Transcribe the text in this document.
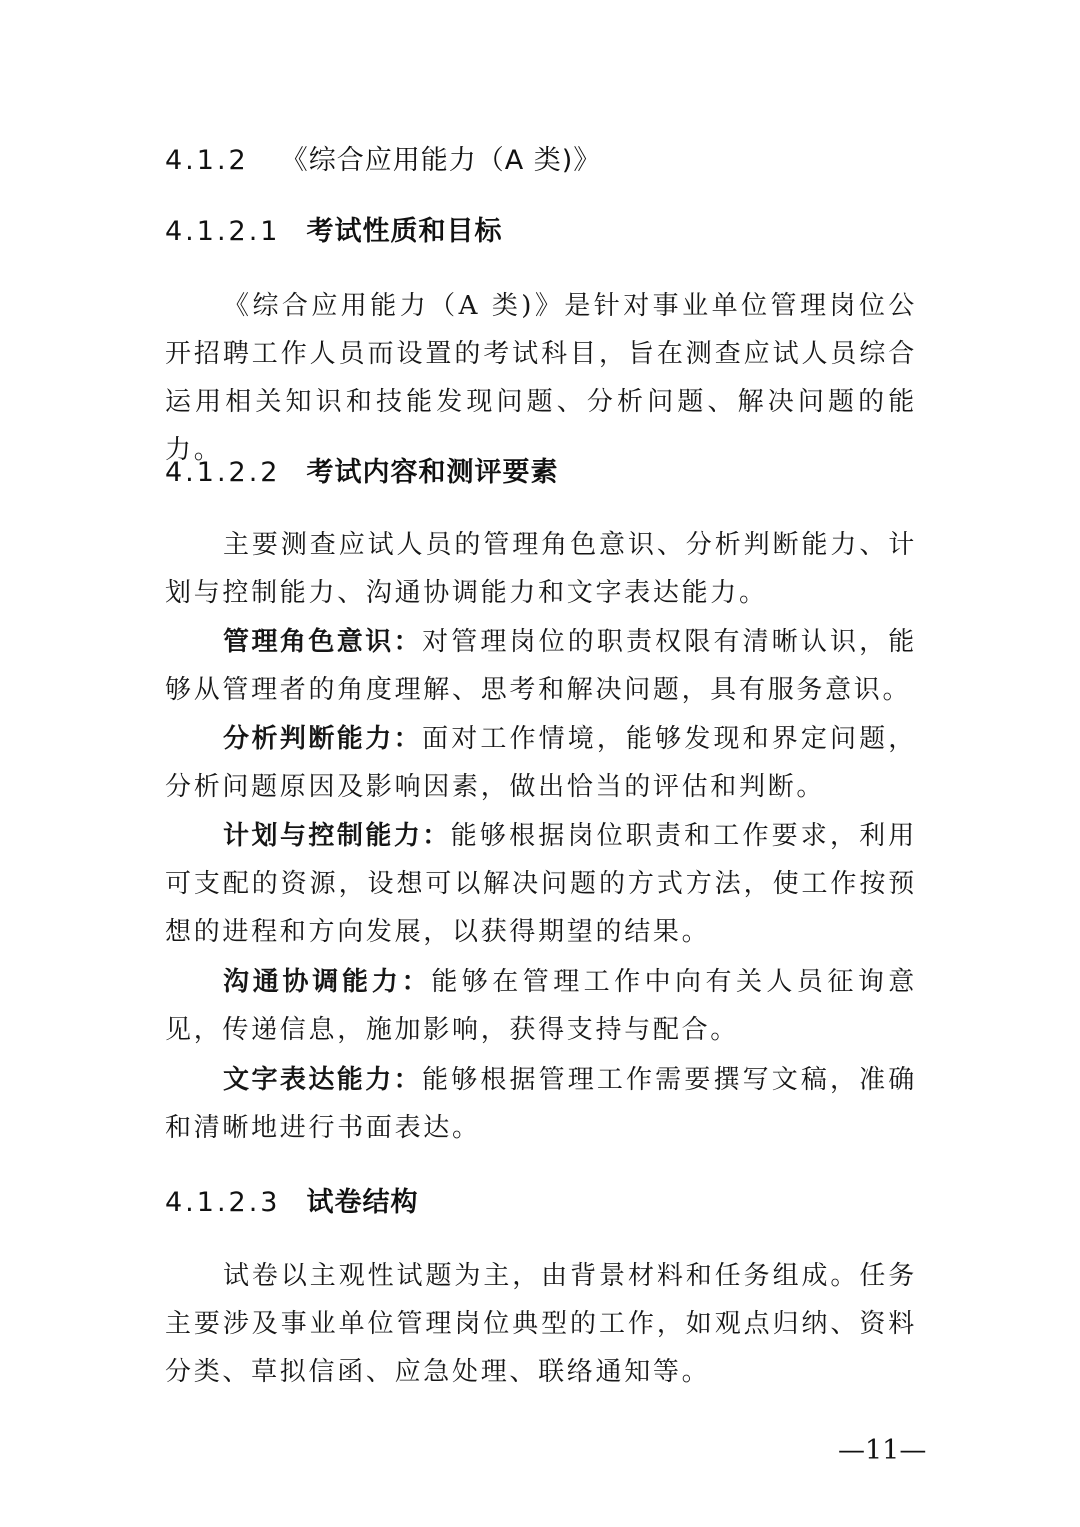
4.1.2 《综合应用能力（A 类)》
4.1.2.1 考试性质和目标

《综合应用能力（A 类)》是针对事业单位管理岗位公开招聘工作人员而设置的考试科目，旨在测查应试人员综合运用相关知识和技能发现问题、分析问题、解决问题的能力。

4.1.2.2 考试内容和测评要素

主要测查应试人员的管理角色意识、分析判断能力、计划与控制能力、沟通协调能力和文字表达能力。

管理角色意识：对管理岗位的职责权限有清晰认识，能够从管理者的角度理解、思考和解决问题，具有服务意识。

分析判断能力：面对工作情境，能够发现和界定问题，分析问题原因及影响因素，做出恰当的评估和判断。

计划与控制能力：能够根据岗位职责和工作要求，利用可支配的资源，设想可以解决问题的方式方法，使工作按预想的进程和方向发展，以获得期望的结果。

沟通协调能力：能够在管理工作中向有关人员征询意见，传递信息，施加影响，获得支持与配合。

文字表达能力：能够根据管理工作需要撰写文稿，准确和清晰地进行书面表达。

4.1.2.3 试卷结构

试卷以主观性试题为主，由背景材料和任务组成。任务主要涉及事业单位管理岗位典型的工作，如观点归纳、资料分类、草拟信函、应急处理、联络通知等。

—11—
